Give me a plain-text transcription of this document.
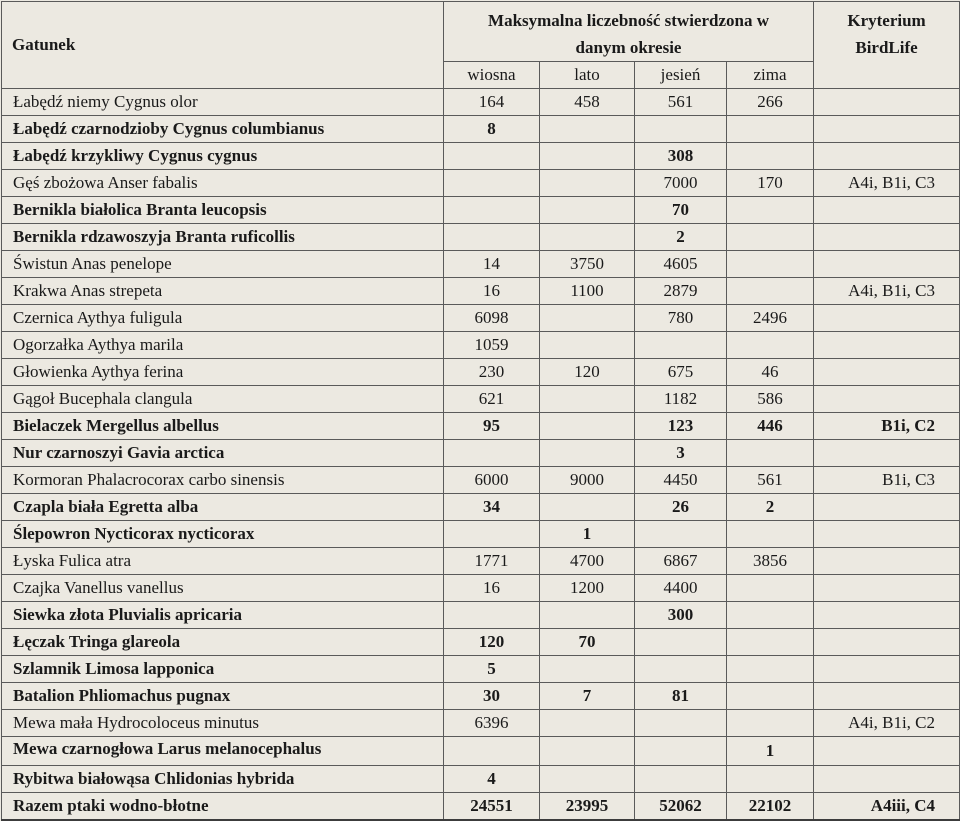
Gatunek	Maksymalna liczebność stwierdzona w danym okresie				Kryterium BirdLife
	wiosna	lato	jesień	zima	
Łabędź niemy Cygnus olor	164	458	561	266	
Łabędź czarnodzioby Cygnus columbianus	8				
Łabędź krzykliwy Cygnus cygnus			308		
Gęś zbożowa Anser fabalis			7000	170	A4i, B1i, C3
Bernikla białolica Branta leucopsis			70		
Bernikla rdzawoszyja Branta ruficollis			2		
Świstun Anas penelope	14	3750	4605		
Krakwa Anas strepeta	16	1100	2879		A4i, B1i, C3
Czernica Aythya fuligula	6098		780	2496	
Ogorzałka Aythya marila	1059				
Głowienka Aythya ferina	230	120	675	46	
Gągoł Bucephala clangula	621		1182	586	
Bielaczek Mergellus albellus	95		123	446	B1i, C2
Nur czarnoszyi Gavia arctica			3		
Kormoran Phalacrocorax carbo sinensis	6000	9000	4450	561	B1i, C3
Czapla biała Egretta alba	34		26	2	
Ślepowron Nycticorax nycticorax		1			
Łyska Fulica atra	1771	4700	6867	3856	
Czajka Vanellus vanellus	16	1200	4400		
Siewka złota Pluvialis apricaria			300		
Łęczak Tringa glareola	120	70			
Szlamnik Limosa lapponica	5				
Batalion Phliomachus pugnax	30	7	81		
Mewa mała Hydrocoloceus minutus	6396				A4i, B1i, C2
Mewa czarnogłowa Larus melanocephalus				1	
Rybitwa białowąsa Chlidonias hybrida	4				
Razem ptaki wodno-błotne	24551	23995	52062	22102	A4iii, C4
